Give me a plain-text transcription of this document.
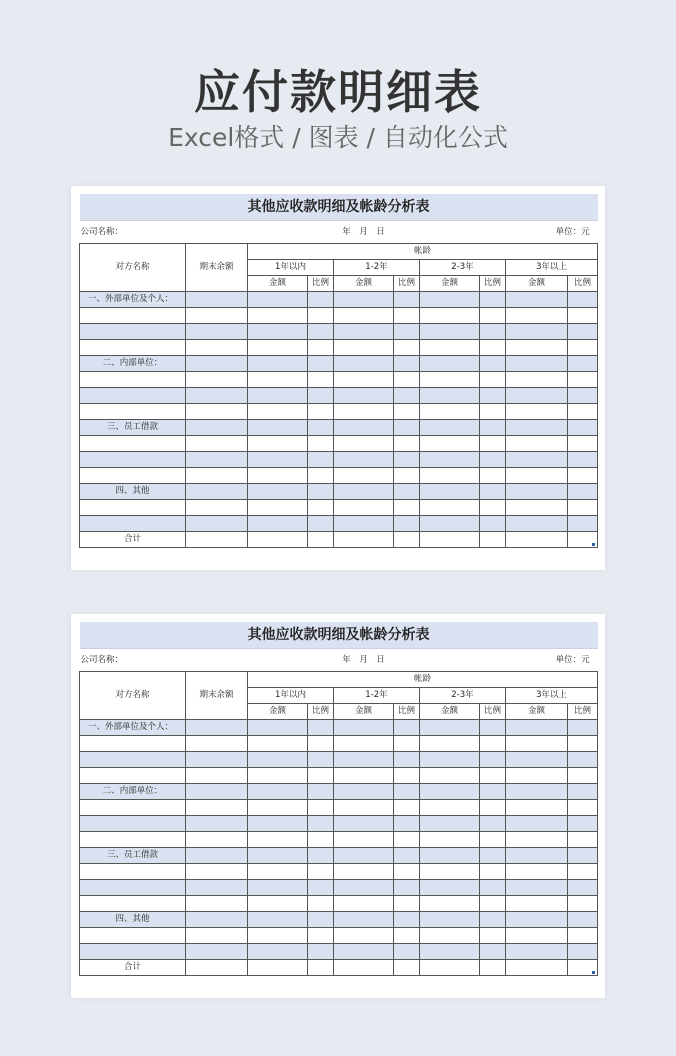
应付款明细表
Excel格式 / 图表 / 自动化公式
其他应收款明细及帐龄分析表									
公司名称：			年　月　日			单位：元			
对方名称	期末余额	帐龄							
		1年以内		1-2年		2-3年		3年以上	
		金额	比例	金额	比例	金额	比例	金额	比例
一、外部单位及个人：									

二、内部单位：									

三、员工借款									

四、其他									

合计									
其他应收款明细及帐龄分析表									
公司名称：			年　月　日			单位：元			
对方名称	期末余额	帐龄							
		1年以内		1-2年		2-3年		3年以上	
		金额	比例	金额	比例	金额	比例	金额	比例
一、外部单位及个人：									

二、内部单位：									

三、员工借款									

四、其他									

合计									
